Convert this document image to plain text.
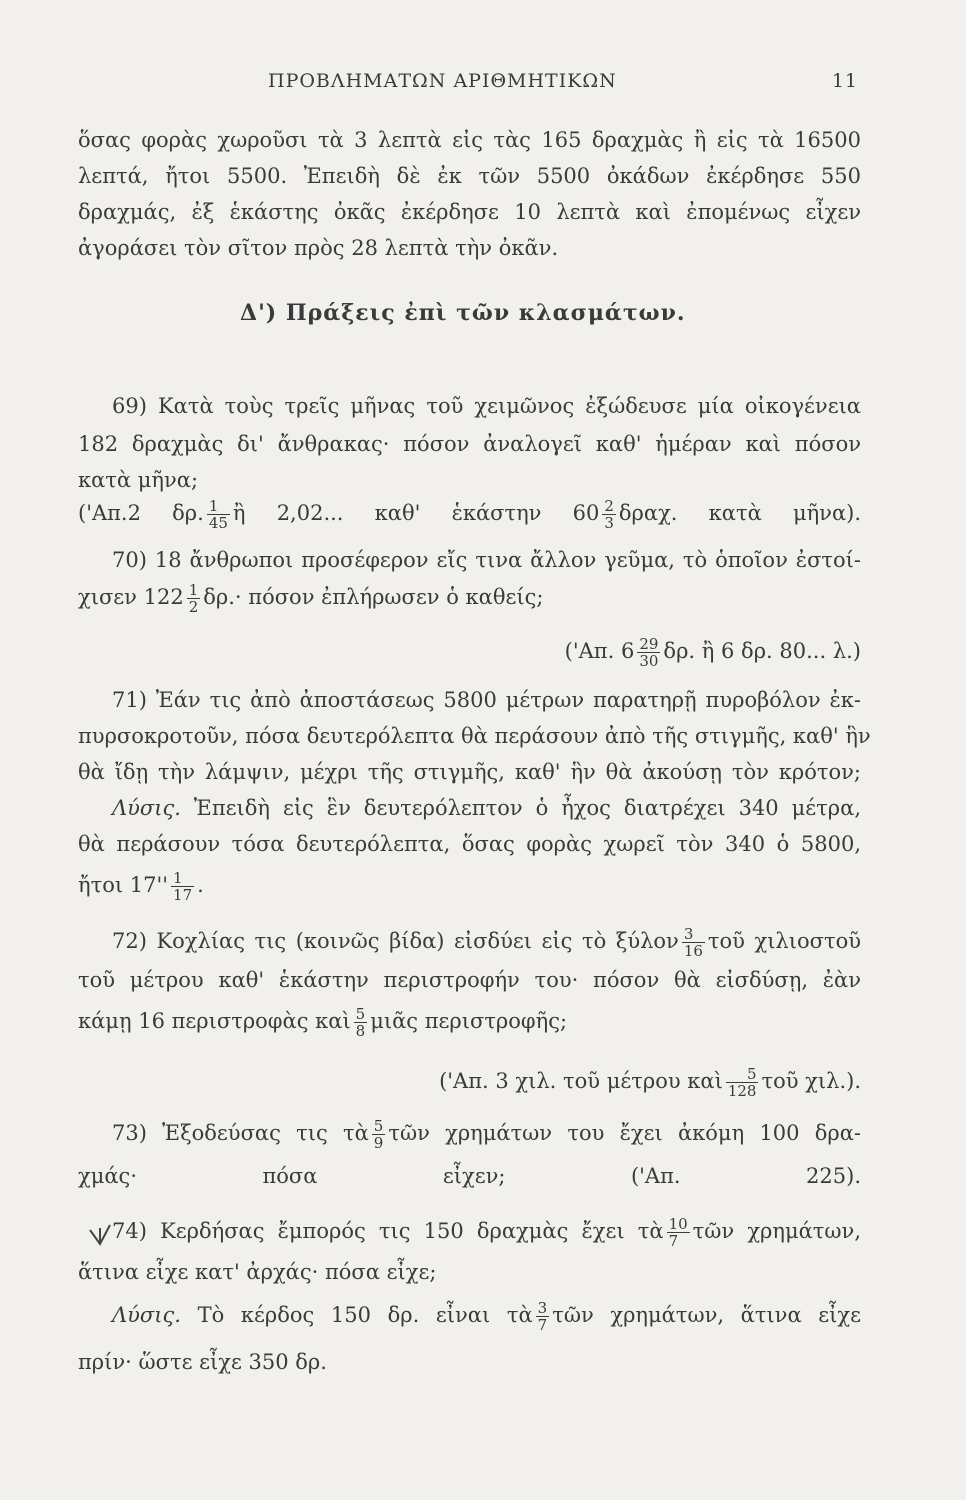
ΠΡΟΒΛΗΜΑΤΩΝ ΑΡΙΘΜΗΤΙΚΩΝ	11
ὅσας φορὰς χωροῦσι τὰ 3 λεπτὰ εἰς τὰς 165 δραχμὰς ἢ εἰς τὰ 16500
λεπτά, ἤτοι 5500. Ἐπειδὴ δὲ ἐκ τῶν 5500 ὀκάδων ἐκέρδησε 550
δραχμάς, ἐξ ἑκάστης ὀκᾶς ἐκέρδησε 10 λεπτὰ καὶ ἐπομένως εἶχεν
ἀγοράσει τὸν σῖτον πρὸς 28 λεπτὰ τὴν ὀκᾶν.
Δ') Πράξεις ἐπὶ τῶν κλασμάτων.
69) Κατὰ τοὺς τρεῖς μῆνας τοῦ χειμῶνος ἐξώδευσε μία οἰκογένεια
182 δραχμὰς δι' ἄνθρακας· πόσον ἀναλογεῖ καθ' ἡμέραν καὶ πόσον
κατὰ μῆνα;
('Απ.2 δρ. $\frac{1}{45}$ ἢ 2,02... καθ' ἑκάστην $60 \frac{2}{3} \delta\rho\alpha\chi$. κατὰ μῆνα).
70) 18 ἄνθρωποι προσέφερον εἴς τινα ἄλλον γεῦμα, τὸ ὁποῖον ἐστοί-
χισεν $122 \frac{1}{2} \delta\rho.\cdot \pi ό\sigma o\nu$ ἐπλήρωσεν ὁ καθείς;
('Απ. $6 \frac{29}{30} \delta\rho$. ἢ 6 δρ. 80... λ.)
71) Ἐάν τις ἀπὸ ἀποστάσεως 5800 μέτρων παρατηρῇ πυροβόλον ἐκ-
πυρσοκροτοῦν, πόσα δευτερόλεπτα θὰ περάσουν ἀπὸ τῆς στιγμῆς, καθ' ἣν
θὰ ἴδῃ τὴν λάμψιν, μέχρι τῆς στιγμῆς, καθ' ἣν θὰ ἀκούσῃ τὸν κρότον;
Λύσις. Ἐπειδὴ εἰς ἓν δευτερόλεπτον ὁ ἦχος διατρέχει 340 μέτρα,
θὰ περάσουν τόσα δευτερόλεπτα, ὅσας φορὰς χωρεῖ τὸν 340 ὁ 5800,
ἤτοι $17'' \frac{1}{17}$ .
72) Κοχλίας τις (κοινῶς βίδα) εἰσδύει εἰς τὸ ξύλον $\frac{3}{16}$ τοῦ χιλιοστοῦ
τοῦ μέτρου καθ' ἑκάστην περιστροφήν του· πόσον θὰ εἰσδύσῃ, ἐὰν
κάμῃ 16 περιστροφὰς καὶ $\frac{5}{8}$ μιᾶς περιστροφῆς;
('Απ. 3 χιλ. τοῦ μέτρου καὶ $\frac{5}{128}$ τοῦ χιλ.).
73) Ἐξοδεύσας τις τὰ $\frac{5}{9}$ τῶν χρημάτων του ἔχει ἀκόμη 100 δρα-
χμάς· πόσα εἶχεν;	('Απ. 225).
74) Κερδήσας ἔμπορός τις 150 δραχμὰς ἔχει τὰ $\frac{10}{7}$ τῶν χρημάτων,
ἅτινα εἶχε κατ' ἀρχάς· πόσα εἶχε;
Λύσις. Τὸ κέρδος 150 δρ. εἶναι τὰ $\frac{3}{7}$ τῶν χρημάτων, ἅτινα εἶχε
πρίν· ὥστε εἶχε 350 δρ.
